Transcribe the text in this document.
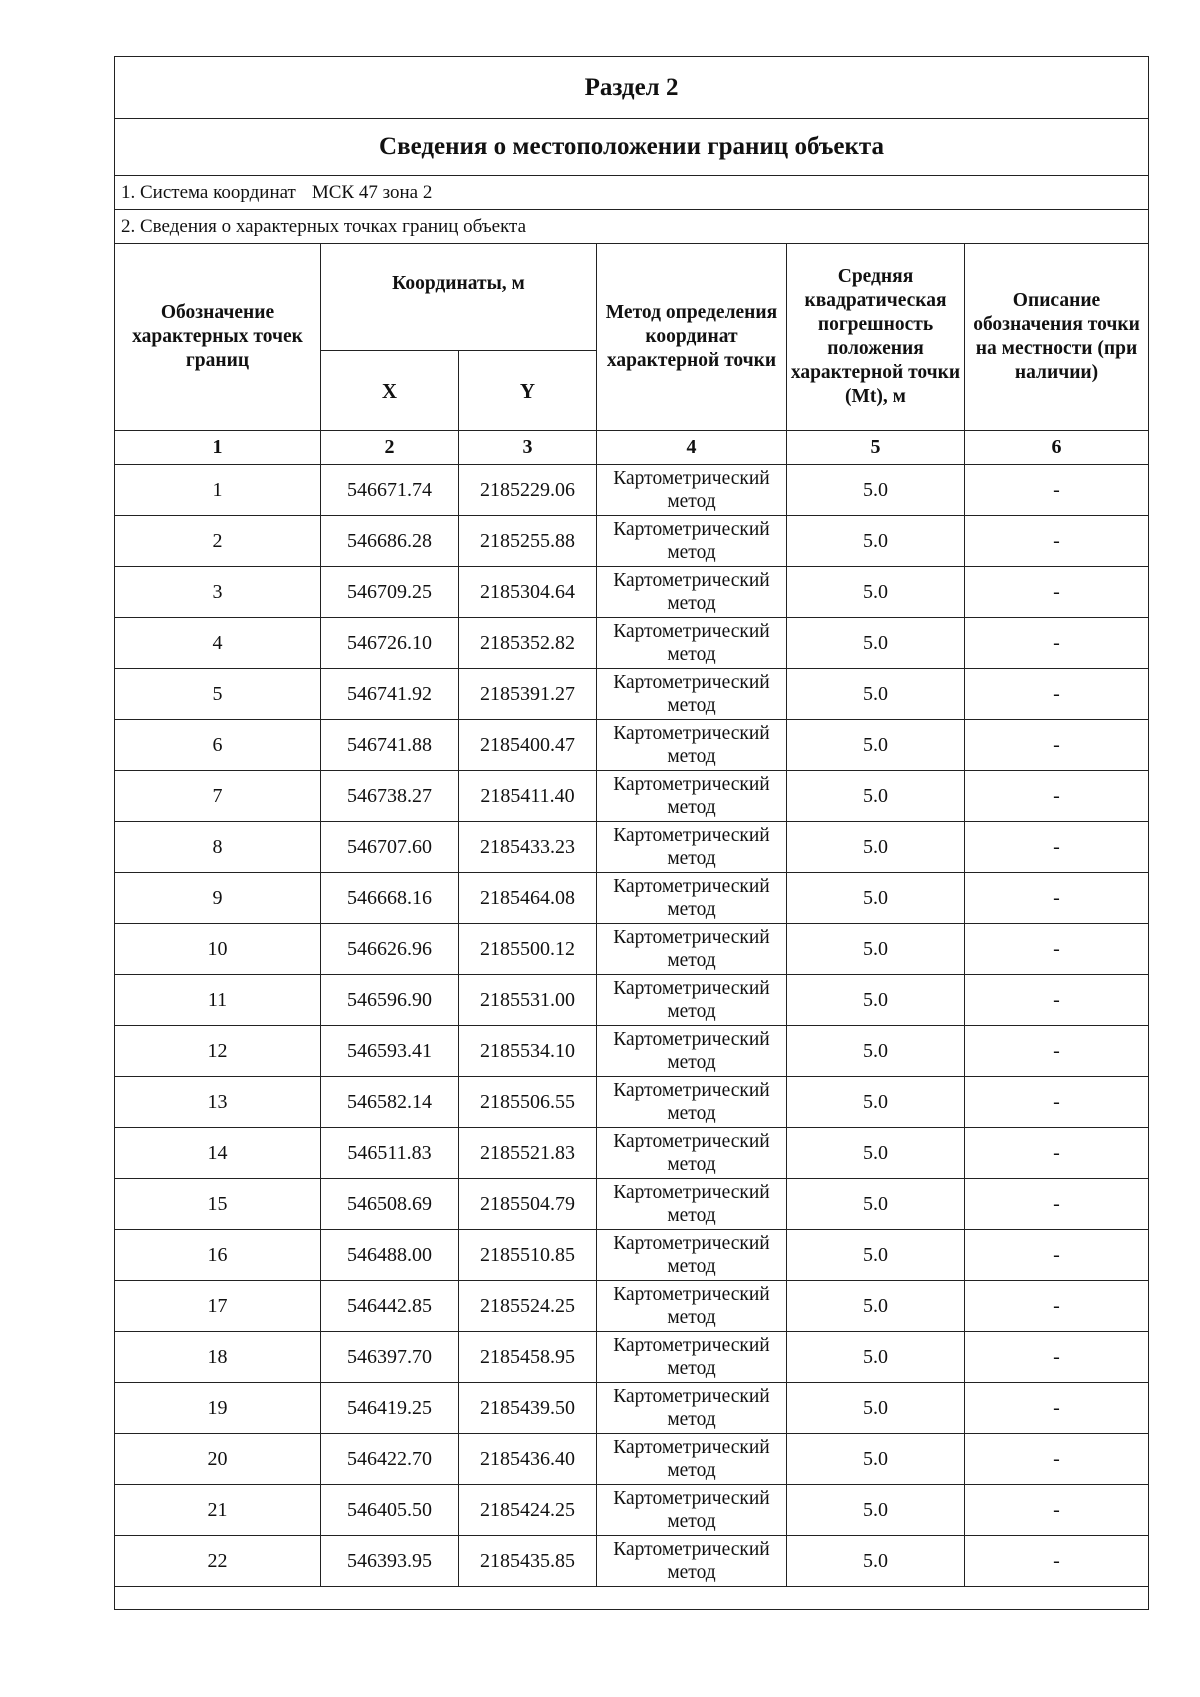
Раздел 2					
Сведения о местоположении границ объекта					
1. Система координат МСК 47 зона 2					
2. Сведения о характерных точках границ объекта					
Обозначение характерных точек границ	Координаты, м		Метод определения координат характерной точки	Средняя квадратическая погрешность положения характерной точки (Mt), м	Описание обозначения точки на местности (при наличии)
	X	Y			
1	2	3	4	5	6
1	546671.74	2185229.06	Картометрический метод	5.0	-
2	546686.28	2185255.88	Картометрический метод	5.0	-
3	546709.25	2185304.64	Картометрический метод	5.0	-
4	546726.10	2185352.82	Картометрический метод	5.0	-
5	546741.92	2185391.27	Картометрический метод	5.0	-
6	546741.88	2185400.47	Картометрический метод	5.0	-
7	546738.27	2185411.40	Картометрический метод	5.0	-
8	546707.60	2185433.23	Картометрический метод	5.0	-
9	546668.16	2185464.08	Картометрический метод	5.0	-
10	546626.96	2185500.12	Картометрический метод	5.0	-
11	546596.90	2185531.00	Картометрический метод	5.0	-
12	546593.41	2185534.10	Картометрический метод	5.0	-
13	546582.14	2185506.55	Картометрический метод	5.0	-
14	546511.83	2185521.83	Картометрический метод	5.0	-
15	546508.69	2185504.79	Картометрический метод	5.0	-
16	546488.00	2185510.85	Картометрический метод	5.0	-
17	546442.85	2185524.25	Картометрический метод	5.0	-
18	546397.70	2185458.95	Картометрический метод	5.0	-
19	546419.25	2185439.50	Картометрический метод	5.0	-
20	546422.70	2185436.40	Картометрический метод	5.0	-
21	546405.50	2185424.25	Картометрический метод	5.0	-
22	546393.95	2185435.85	Картометрический метод	5.0	-
